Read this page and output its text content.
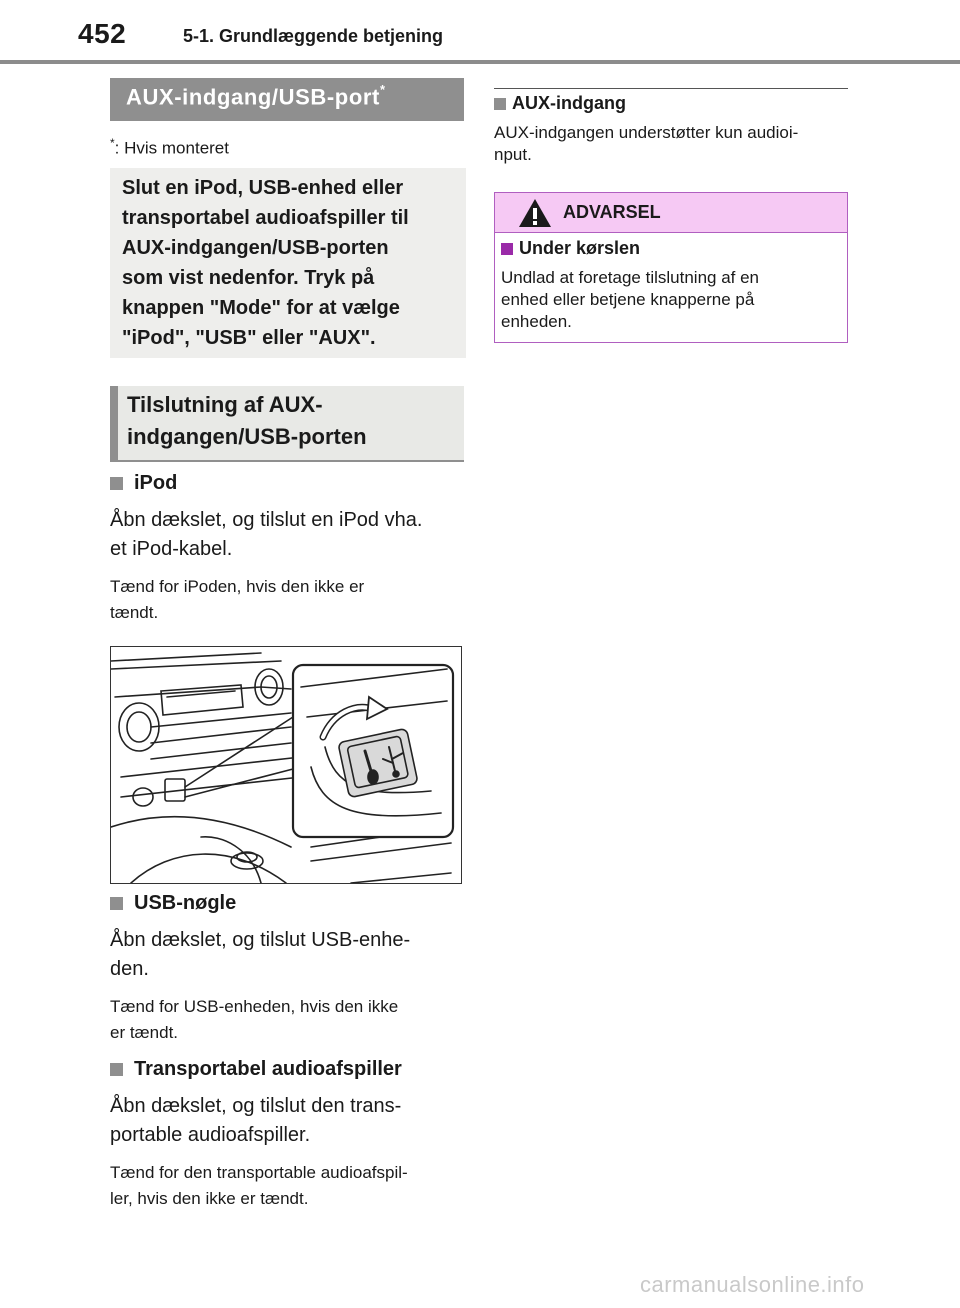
452	5-1. Grundlæggende betjening
AUX-indgang/USB-port*
*: Hvis monteret
Slut en iPod, USB-enhed eller
transportabel audioafspiller til
AUX-indgangen/USB-porten
som vist nedenfor. Tryk på
knappen "Mode" for at vælge
"iPod", "USB" eller "AUX".
Tilslutning af AUX-
indgangen/USB-porten
iPod
Åbn dækslet, og tilslut en iPod vha.
et iPod-kabel.
Tænd for iPoden, hvis den ikke er
tændt.
USB-nøgle
Åbn dækslet, og tilslut USB-enhe-
den.
Tænd for USB-enheden, hvis den ikke
er tændt.
Transportabel audioafspiller
Åbn dækslet, og tilslut den trans-
portable audioafspiller.
Tænd for den transportable audioafspil-
ler, hvis den ikke er tændt.
AUX-indgang
AUX-indgangen understøtter kun audioi-
nput.
ADVARSEL
Under kørslen
Undlad at foretage tilslutning af en
enhed eller betjene knapperne på
enheden.
carmanualsonline.info
